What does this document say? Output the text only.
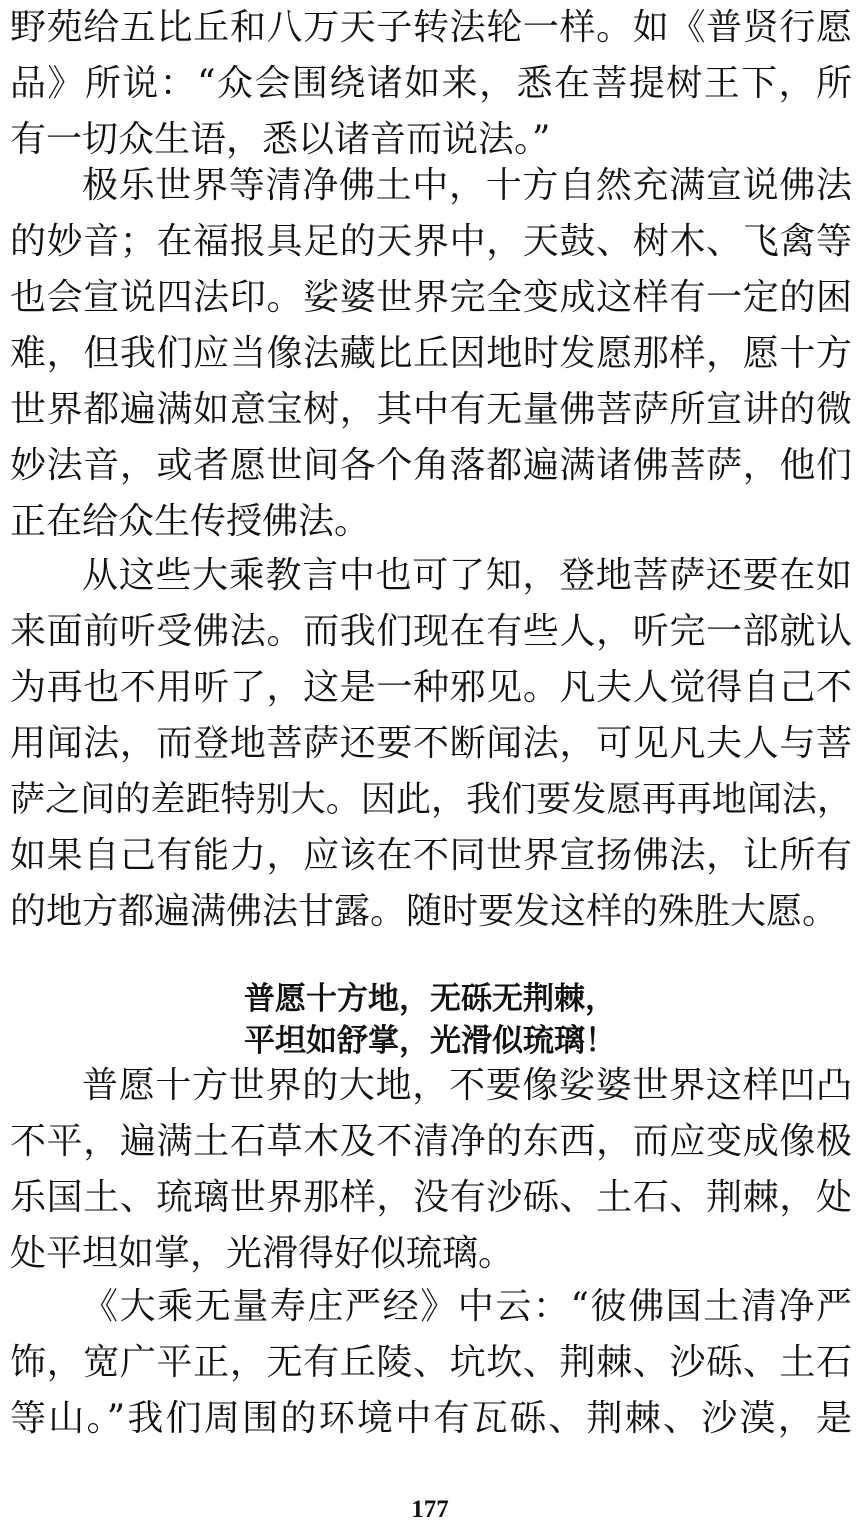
野苑给五比丘和八万天子转法轮一样。如《普贤行愿
品》所说：“众会围绕诸如来，悉在菩提树王下，所
有一切众生语，悉以诸音而说法。”
极乐世界等清净佛土中，十方自然充满宣说佛法
的妙音；在福报具足的天界中，天鼓、树木、飞禽等
也会宣说四法印。娑婆世界完全变成这样有一定的困
难，但我们应当像法藏比丘因地时发愿那样，愿十方
世界都遍满如意宝树，其中有无量佛菩萨所宣讲的微
妙法音，或者愿世间各个角落都遍满诸佛菩萨，他们
正在给众生传授佛法。
从这些大乘教言中也可了知，登地菩萨还要在如
来面前听受佛法。而我们现在有些人，听完一部就认
为再也不用听了，这是一种邪见。凡夫人觉得自己不
用闻法，而登地菩萨还要不断闻法，可见凡夫人与菩
萨之间的差距特别大。因此，我们要发愿再再地闻法，
如果自己有能力，应该在不同世界宣扬佛法，让所有
的地方都遍满佛法甘露。随时要发这样的殊胜大愿。
普愿十方地，无砾无荆棘，
平坦如舒掌，光滑似琉璃！
普愿十方世界的大地，不要像娑婆世界这样凹凸
不平，遍满土石草木及不清净的东西，而应变成像极
乐国土、琉璃世界那样，没有沙砾、土石、荆棘，处
处平坦如掌，光滑得好似琉璃。
《大乘无量寿庄严经》中云：“彼佛国土清净严
饰，宽广平正，无有丘陵、坑坎、荆棘、沙砾、土石
等山。”我们周围的环境中有瓦砾、荆棘、沙漠，是
177
